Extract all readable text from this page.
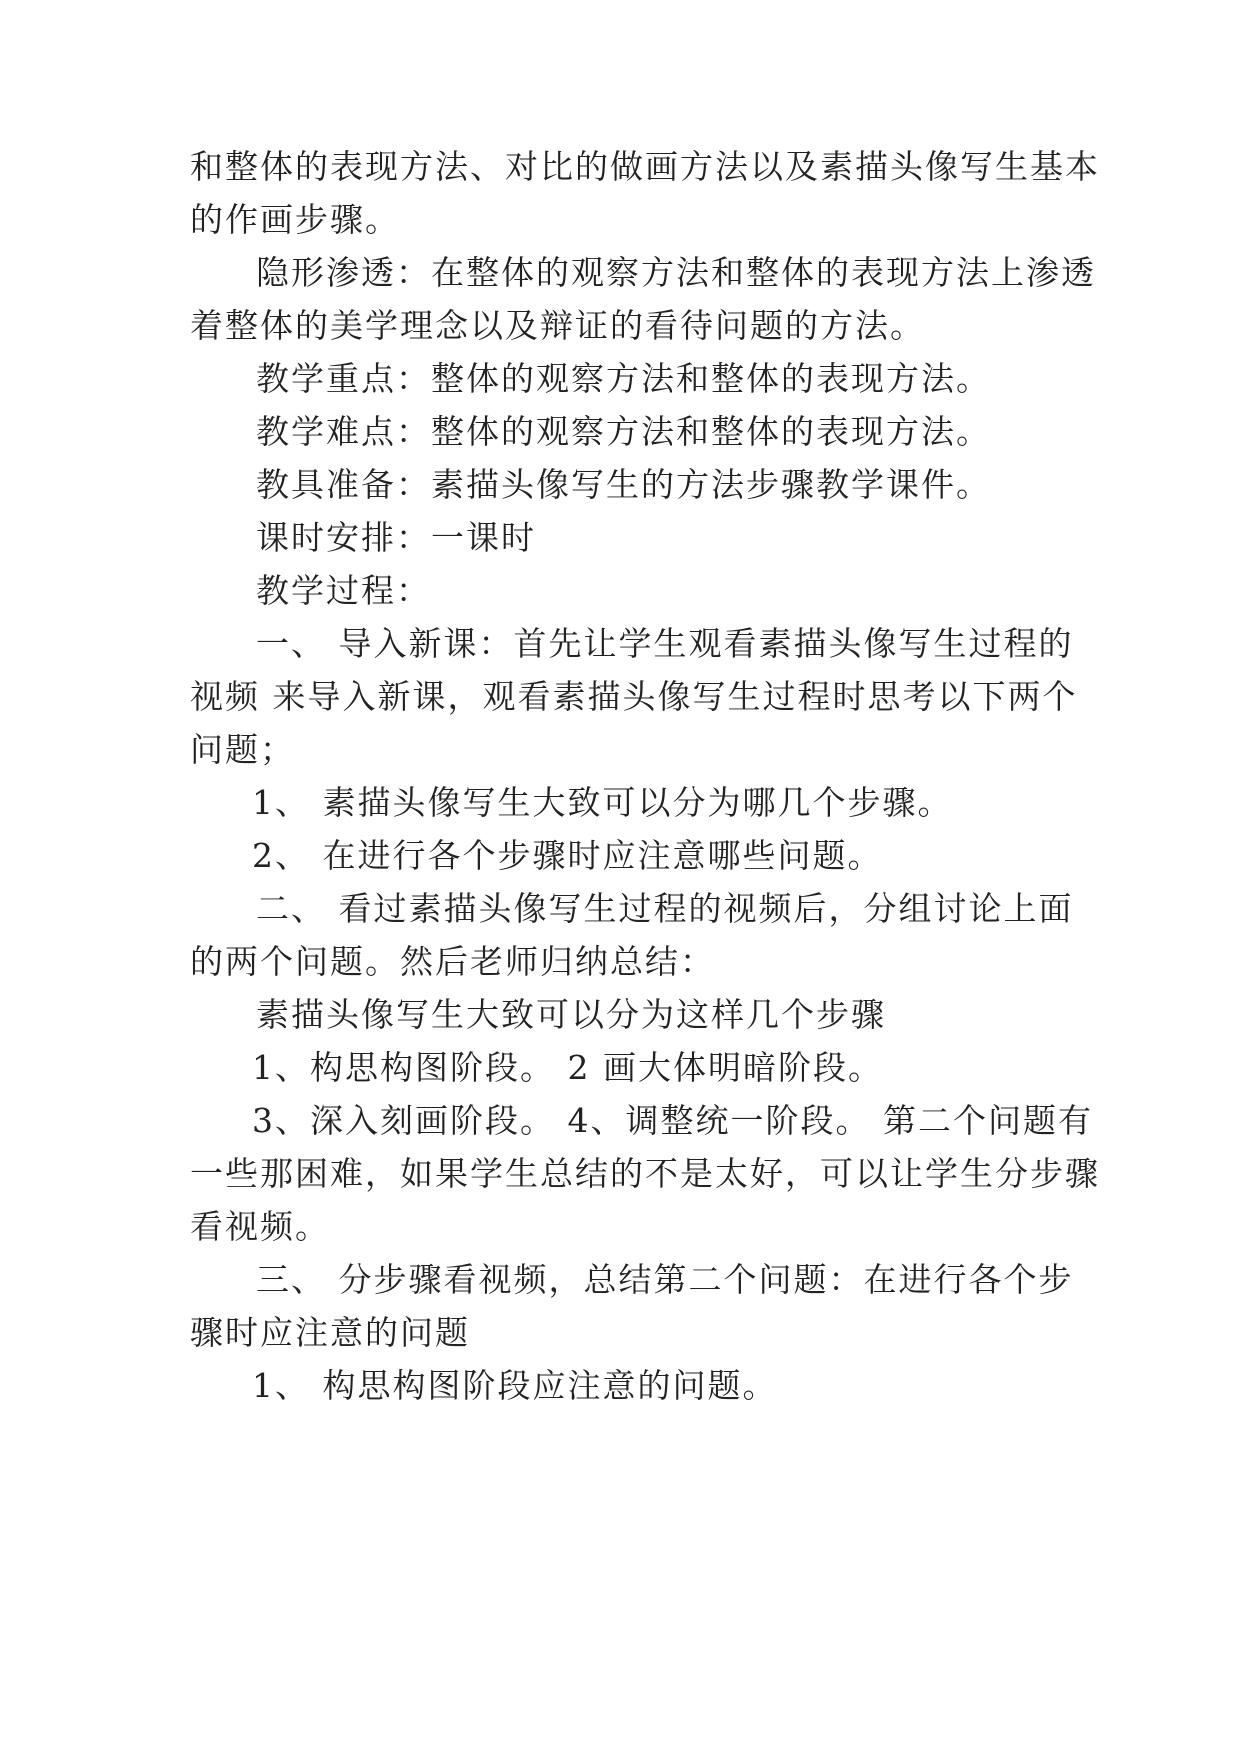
和整体的表现方法、对比的做画方法以及素描头像写生基本
的作画步骤。
隐形渗透：在整体的观察方法和整体的表现方法上渗透
着整体的美学理念以及辩证的看待问题的方法。
教学重点：整体的观察方法和整体的表现方法。
教学难点：整体的观察方法和整体的表现方法。
教具准备：素描头像写生的方法步骤教学课件。
课时安排：一课时
教学过程：
一、 导入新课：首先让学生观看素描头像写生过程的
视频 来导入新课，观看素描头像写生过程时思考以下两个
问题；
1、 素描头像写生大致可以分为哪几个步骤。
2、 在进行各个步骤时应注意哪些问题。
二、 看过素描头像写生过程的视频后，分组讨论上面
的两个问题。然后老师归纳总结：
素描头像写生大致可以分为这样几个步骤
1、构思构图阶段。 2 画大体明暗阶段。
3、深入刻画阶段。 4、调整统一阶段。 第二个问题有
一些那困难，如果学生总结的不是太好，可以让学生分步骤
看视频。
三、 分步骤看视频，总结第二个问题：在进行各个步
骤时应注意的问题
1、 构思构图阶段应注意的问题。
